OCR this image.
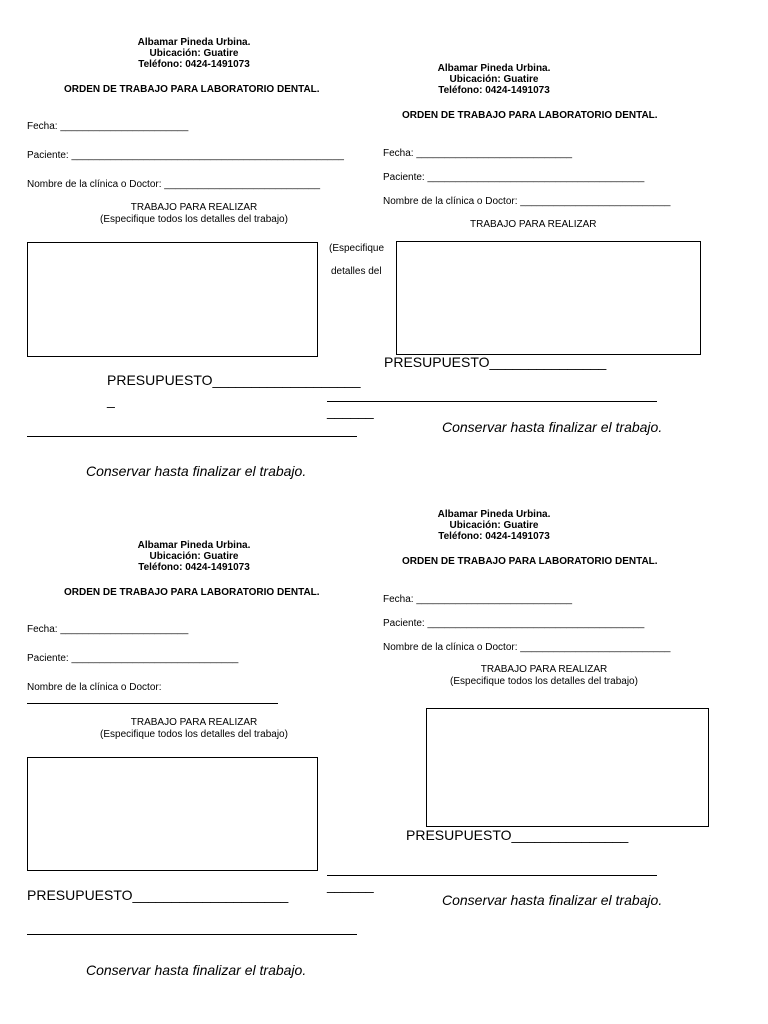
Albamar Pineda Urbina.
Ubicación: Guatire
Teléfono: 0424-1491073
ORDEN DE TRABAJO PARA LABORATORIO DENTAL.
Fecha: _______________________
Paciente: _________________________________________________
Nombre de la clínica o Doctor: ____________________________
TRABAJO PARA REALIZAR
(Especifique todos los detalles del trabajo)
PRESUPUESTO___________________
_
Conservar hasta finalizar el trabajo.
Albamar Pineda Urbina.
Ubicación: Guatire
Teléfono: 0424-1491073
ORDEN DE TRABAJO PARA LABORATORIO DENTAL.
Fecha: ____________________________
Paciente: _______________________________________
Nombre de la clínica o Doctor: ___________________________
TRABAJO PARA REALIZAR
(Especifique
detalles del
PRESUPUESTO_______________
______
Conservar hasta finalizar el trabajo.
Albamar Pineda Urbina.
Ubicación: Guatire
Teléfono: 0424-1491073
ORDEN DE TRABAJO PARA LABORATORIO DENTAL.
Fecha: _______________________
Paciente: ______________________________
Nombre de la clínica o Doctor:
TRABAJO PARA REALIZAR
(Especifique todos los detalles del trabajo)
PRESUPUESTO____________________
Conservar hasta finalizar el trabajo.
Albamar Pineda Urbina.
Ubicación: Guatire
Teléfono: 0424-1491073
ORDEN DE TRABAJO PARA LABORATORIO DENTAL.
Fecha: ____________________________
Paciente: _______________________________________
Nombre de la clínica o Doctor: ___________________________
TRABAJO PARA REALIZAR
(Especifique todos los detalles del trabajo)
PRESUPUESTO_______________
______
Conservar hasta finalizar el trabajo.
